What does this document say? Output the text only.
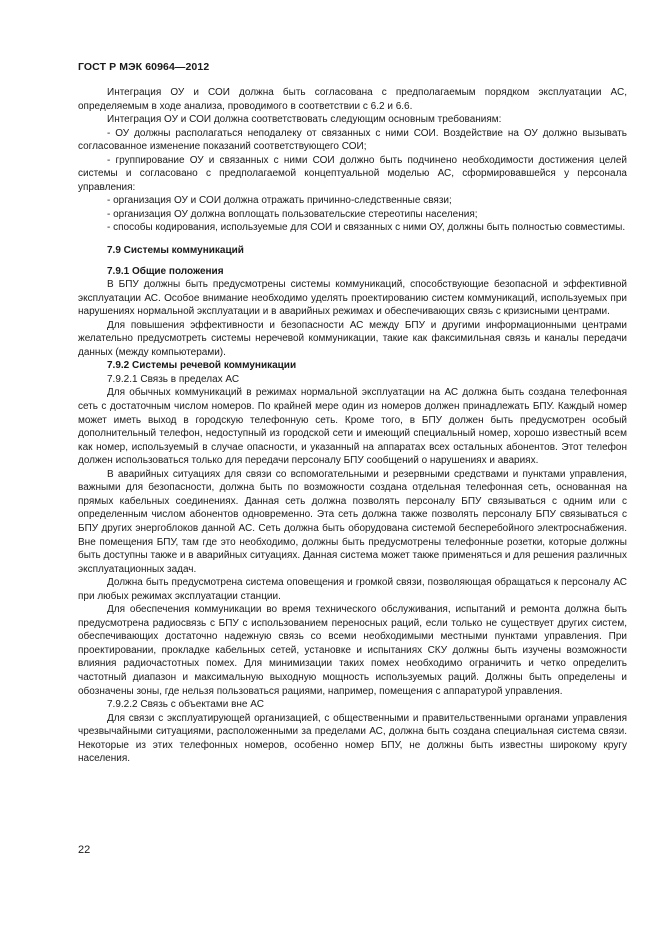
ГОСТ Р МЭК 60964—2012

Интеграция ОУ и СОИ должна быть согласована с предполагаемым порядком эксплуатации АС, определяемым в ходе анализа, проводимого в соответствии с 6.2 и 6.6.

Интеграция ОУ и СОИ должна соответствовать следующим основным требованиям:

- ОУ должны располагаться неподалеку от связанных с ними СОИ. Воздействие на ОУ должно вызывать согласованное изменение показаний соответствующего СОИ;

- группирование ОУ и связанных с ними СОИ должно быть подчинено необходимости достижения целей системы и согласовано с предполагаемой концептуальной моделью АС, сформировавшейся у персонала управления:

- организация ОУ и СОИ должна отражать причинно-следственные связи;

- организация ОУ должна воплощать пользовательские стереотипы населения;

- способы кодирования, используемые для СОИ и связанных с ними ОУ, должны быть полностью совместимы.

7.9 Системы коммуникаций

7.9.1 Общие положения

В БПУ должны быть предусмотрены системы коммуникаций, способствующие безопасной и эффективной эксплуатации АС. Особое внимание необходимо уделять проектированию систем коммуникаций, используемых при нарушениях нормальной эксплуатации и в аварийных режимах и обеспечивающих связь с кризисными центрами.

Для повышения эффективности и безопасности АС между БПУ и другими информационными центрами желательно предусмотреть системы неречевой коммуникации, такие как факсимильная связь и каналы передачи данных (между компьютерами).

7.9.2 Системы речевой коммуникации

7.9.2.1 Связь в пределах АС

Для обычных коммуникаций в режимах нормальной эксплуатации на АС должна быть создана телефонная сеть с достаточным числом номеров. По крайней мере один из номеров должен принадлежать БПУ. Каждый номер может иметь выход в городскую телефонную сеть. Кроме того, в БПУ должен быть предусмотрен особый дополнительный телефон, недоступный из городской сети и имеющий специальный номер, хорошо известный всем как номер, используемый в случае опасности, и указанный на аппаратах всех остальных абонентов. Этот телефон должен использоваться только для передачи персоналу БПУ сообщений о нарушениях и авариях.

В аварийных ситуациях для связи со вспомогательными и резервными средствами и пунктами управления, важными для безопасности, должна быть по возможности создана отдельная телефонная сеть, основанная на прямых кабельных соединениях. Данная сеть должна позволять персоналу БПУ связываться с одним или с определенным числом абонентов одновременно. Эта сеть должна также позволять персоналу БПУ связываться с БПУ других энергоблоков данной АС. Сеть должна быть оборудована системой бесперебойного электроснабжения. Вне помещения БПУ, там где это необходимо, должны быть предусмотрены телефонные розетки, которые должны быть доступны также и в аварийных ситуациях. Данная система может также применяться и для решения различных эксплуатационных задач.

Должна быть предусмотрена система оповещения и громкой связи, позволяющая обращаться к персоналу АС при любых режимах эксплуатации станции.

Для обеспечения коммуникации во время технического обслуживания, испытаний и ремонта должна быть предусмотрена радиосвязь с БПУ с использованием переносных раций, если только не существует других систем, обеспечивающих достаточно надежную связь со всеми необходимыми местными пунктами управления. При проектировании, прокладке кабельных сетей, установке и испытаниях СКУ должны быть изучены возможности влияния радиочастотных помех. Для минимизации таких помех необходимо ограничить и четко определить частотный диапазон и максимальную выходную мощность используемых раций. Должны быть определены и обозначены зоны, где нельзя пользоваться рациями, например, помещения с аппаратурой управления.

7.9.2.2 Связь с объектами вне АС

Для связи с эксплуатирующей организацией, с общественными и правительственными органами управления чрезвычайными ситуациями, расположенными за пределами АС, должна быть создана специальная система связи. Некоторые из этих телефонных номеров, особенно номер БПУ, не должны быть известны широкому кругу населения.

22
